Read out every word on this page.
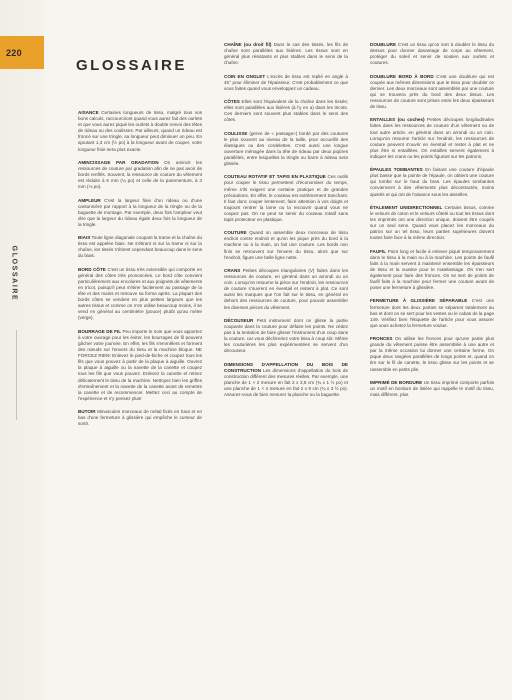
220
GLOSSAIRE
GLOSSAIRE

AISANCE Certaines longueurs de tissu, malgré tous vos bons calculs, raccourciront quand vous aurez fait des ourlets et que vous aurez piqué les ourlets à double renvoi des têtes de rideau ou des coulisses. Par ailleurs, quand un rideau est froncé sur une tringle, sa longueur peut diminuer un peu. En ajoutant 1,3 cm (½ po) à la longueur avant de couper, votre longueur finie sera plus exacte.

AMINCISSAGE PAR GRADATION On amincit les ressources de couture par gradation afin de ne pas avoir de bords renflés. Souvent, la ressource de couture du vêtement est réduite à 6 mm (¼ po) et celle de la parementure, à 3 mm (⅛ po).

AMPLEUR C'est la largeur finie d'un rideau ou d'une cantonnière par rapport à la longueur de la tringle ou de la baguette de montage. Par exemple, deux fois l'ampleur veut dire que la largeur du rideau égale deux fois la longueur de la tringle.

BIAIS Toute ligne diagonale coupant la trame et la chaîne du tissu est appelée biais. Ne s'étirant ni sur la trame ni sur la chaîne, les tissés s'étirent cependant beaucoup dans le sens du biais.

BORD CÔTE C'est un tissu très extensible qui comporte en général des côtes très prononcées. Le bord côte convient particulièrement aux encolures et aux poignets de vêtements en tricot, puisqu'il peut s'étirer facilement au passage de la tête et des mains et retrouve sa forme après. La plupart des bords côtes se vendent en plus petites largeurs que les autres tissus et comme on n'en utilise beaucoup moins, il se vend en général au centimètre (pouce) plutôt qu'au mètre (verge).

BOURRAGE DE FIL Peu importe le soin que vous apportez à votre ouvrage pour les éviter, les bourrages de fil peuvent gâcher votre journée. En effet, les fils s'emmêlent et forment des nœuds sur l'envers du tissu et la machine bloque. NE FORCEZ RIEN! Enlevez le pied-de-biche et coupez tous les fils que vous pouvez à partir de la plaque à aiguille. Ouvrez la plaque à aiguille ou la navette de la canette et coupez tous les fils que vous pouvez. Enlevez la canette et retirez délicatement le tissu de la machine. Nettoyez bien les griffes d'entraînement et la navette de la canette avant de remettre la canette et de recommencer. Mettez ceci au compte de l'expérience et n'y pensez plus!

BUTOIR Minuscules morceaux de métal fixés en haut et en bas d'une fermeture à glissière qui empêche le curseur de sortir.

CHAÎNE (ou droit fil) Dans le cas des tissés, les fils de chaîne sont parallèles aux lisières. Les tissus sont en général plus résistants et plus stables dans le sens de la chaîne.

COIN EN ONGLET L'excès de tissu est replié en angle à 45° pour éliminer de l'épaisseur. C'est probablement ce que vous faites quand vous enveloppez un cadeau.

CÔTES Elles sont l'équivalent de la chaîne dans les tissés; elles sont parallèles aux lisières (à l'y en a) dans les tricots. Ces derniers sont souvent plus stables dans le sens des côtes.

COULISSE (genre de « passage») bordé par des coutures le plus souvent au niveau de la taille, pour accueillir des élastiques ou des cordelettes. C'est aussi une longue ouverture ménagée dans la tête de rideau par deux piqûres parallèles, entre lesquelles la tringle ou barre à rideau sera glissée.

COUTEAU ROTATIF ET TAPIS EN PLASTIQUE Ces outils pour couper le tissu permettent d'économiser du temps, même s'ils exigent une certaine pratique et de grandes précautions. En effet, le couteau est extrêmement tranchant. Il faut donc couper lentement, faire attention à vos doigts et toujours rentrer la lame ou la recouvrir quand vous ne coupez pas. On ne peut se servir du couteau rotatif sans tapis protecteur en plastique.

COUTURE Quand on assemble deux morceaux de tissu endroit contre endroit et qu'on les pique près du bord à la machine ou à la main, on fait une couture. Les bords non finis se retrouvent sur l'envers du tissu, alors que sur l'endroit, figure une belle ligne nette.

CRANS Petites découpes triangulaires (V) faites dans les ressources de couture, en général dans un arrondi ou un coin. Lorsqu'on retourne la pièce sur l'endroit, les ressources de couture s'ouvrent en éventail et restent à plat. Ce sont aussi les marques que l'on fait sur le tissu, en général en dehors des ressources de couture, pour pouvoir assembler les diverses pièces du vêtement.

DÉCOUSEUR Petit instrument dont on glisse la partie coupante dans la couture pour défaire les points. Ne cédez pas à la tentation de faire glisser l'instrument d'un coup dans la couture, car vous déchireriez votre tissu à coup sûr. Même les couturières les plus expérimentées se servent d'un découseur.

DIMENSIONS D'APPELLATION DU BOIS DE CONSTRUCTION Les dimensions d'appellation du bois de construction diffèrent des mesures réelles. Par exemple, une planche de 1 × 2 mesure en fait 2 x 3,8 cm (¾ x 1 ½ po) et une planche de 1 × 4 mesure en fait 2 x 9 cm (¾ x 3 ½ po). Assurez-vous de bien mesurer la planche ou la baguette.

DOUBLURE C'est un tissu qu'on sort à doubler le tissu du dessus pour donner davantage de corps au vêtement, protéger du soleil et servir de soutien aux ourlets et coutures.

DOUBLURE BORD À BORD C'est une doublure qui est coupée aux mêmes dimensions que le tissu pour doubler ce dernier. Les deux morceaux sont assemblés par une couture qui se trouvera près du bord des deux tissus. Les ressources de couture sont prises entre les deux épaisseurs de tissu.

ENTAILLES (ou coches) Petites découpes longitudinales faites dans les ressources de couture d'un vêtement ou de tout autre article, en général dans un arrondi ou un coin. Lorsqu'on retourne l'article sur l'endroit, les ressources de couture peuvent s'ouvrir en éventail et rester à plat et ne plus être ni entaillées. On entailles servent également à indiquer les crans ou les points figurant sur les patrons.

ÉPAULES TOMBANTES En faisant une couture d'épaule plus basse que la pointe de l'épaule, on obtient une couture qui tombe sur le haut du bras. Les épaules tombantes conviennent à des vêtements plus décontractés, moins ajustés et qui ont de l'aisance sous les aisselles.

ÉTALEMENT UNIDIRECTIONNEL Certains tissus, comme le velours de coton et le velours côtelé ou tout les tissus dont les imprimés ont une direction unique, doivent être coupés sur un seul sens. Quand vous placez les morceaux du patron sur un tel tissu, leurs parties supérieures doivent toutes faire face à la même direction.

FAUFIL Point long et facile à enlever piqué temporairement dans le tissu à la main ou à la machine. Les points de faufil faits à la main servent à maintenir ensemble les épaisseurs de tissu et la ouatine pour le matelassage. On s'en sert également pour faire des fronces. On se sert de points de faufil faits à la machine pour fermer une couture avant de poser une fermeture à glissière.

FERMETURE À GLISSIÈRE SÉPARABLE C'est une fermeture dont les deux parties se séparent totalement au bas et dont on se sert pour les vestes ou le cabas de la page 149. Vérifiez bien l'étiquette de l'article pour vous assurer que vous achetez la fermeture voulue.

FRONCES On utilise les fronces pour qu'une partie plus grande du vêtement puisse être assemblée à une autre et par la même occasion lui donner une certaine forme. On pique deux rangées parallèles de longs points et, quand on tire sur le fil de canette, le tissu glisse sur les points et se rassemble en petits plis.

IMPRIMÉ DE BORDURE Un tissu imprimé comporte parfois un motif en bordure de lisière qui rappelle le motif du tissu, mais différent, plus
